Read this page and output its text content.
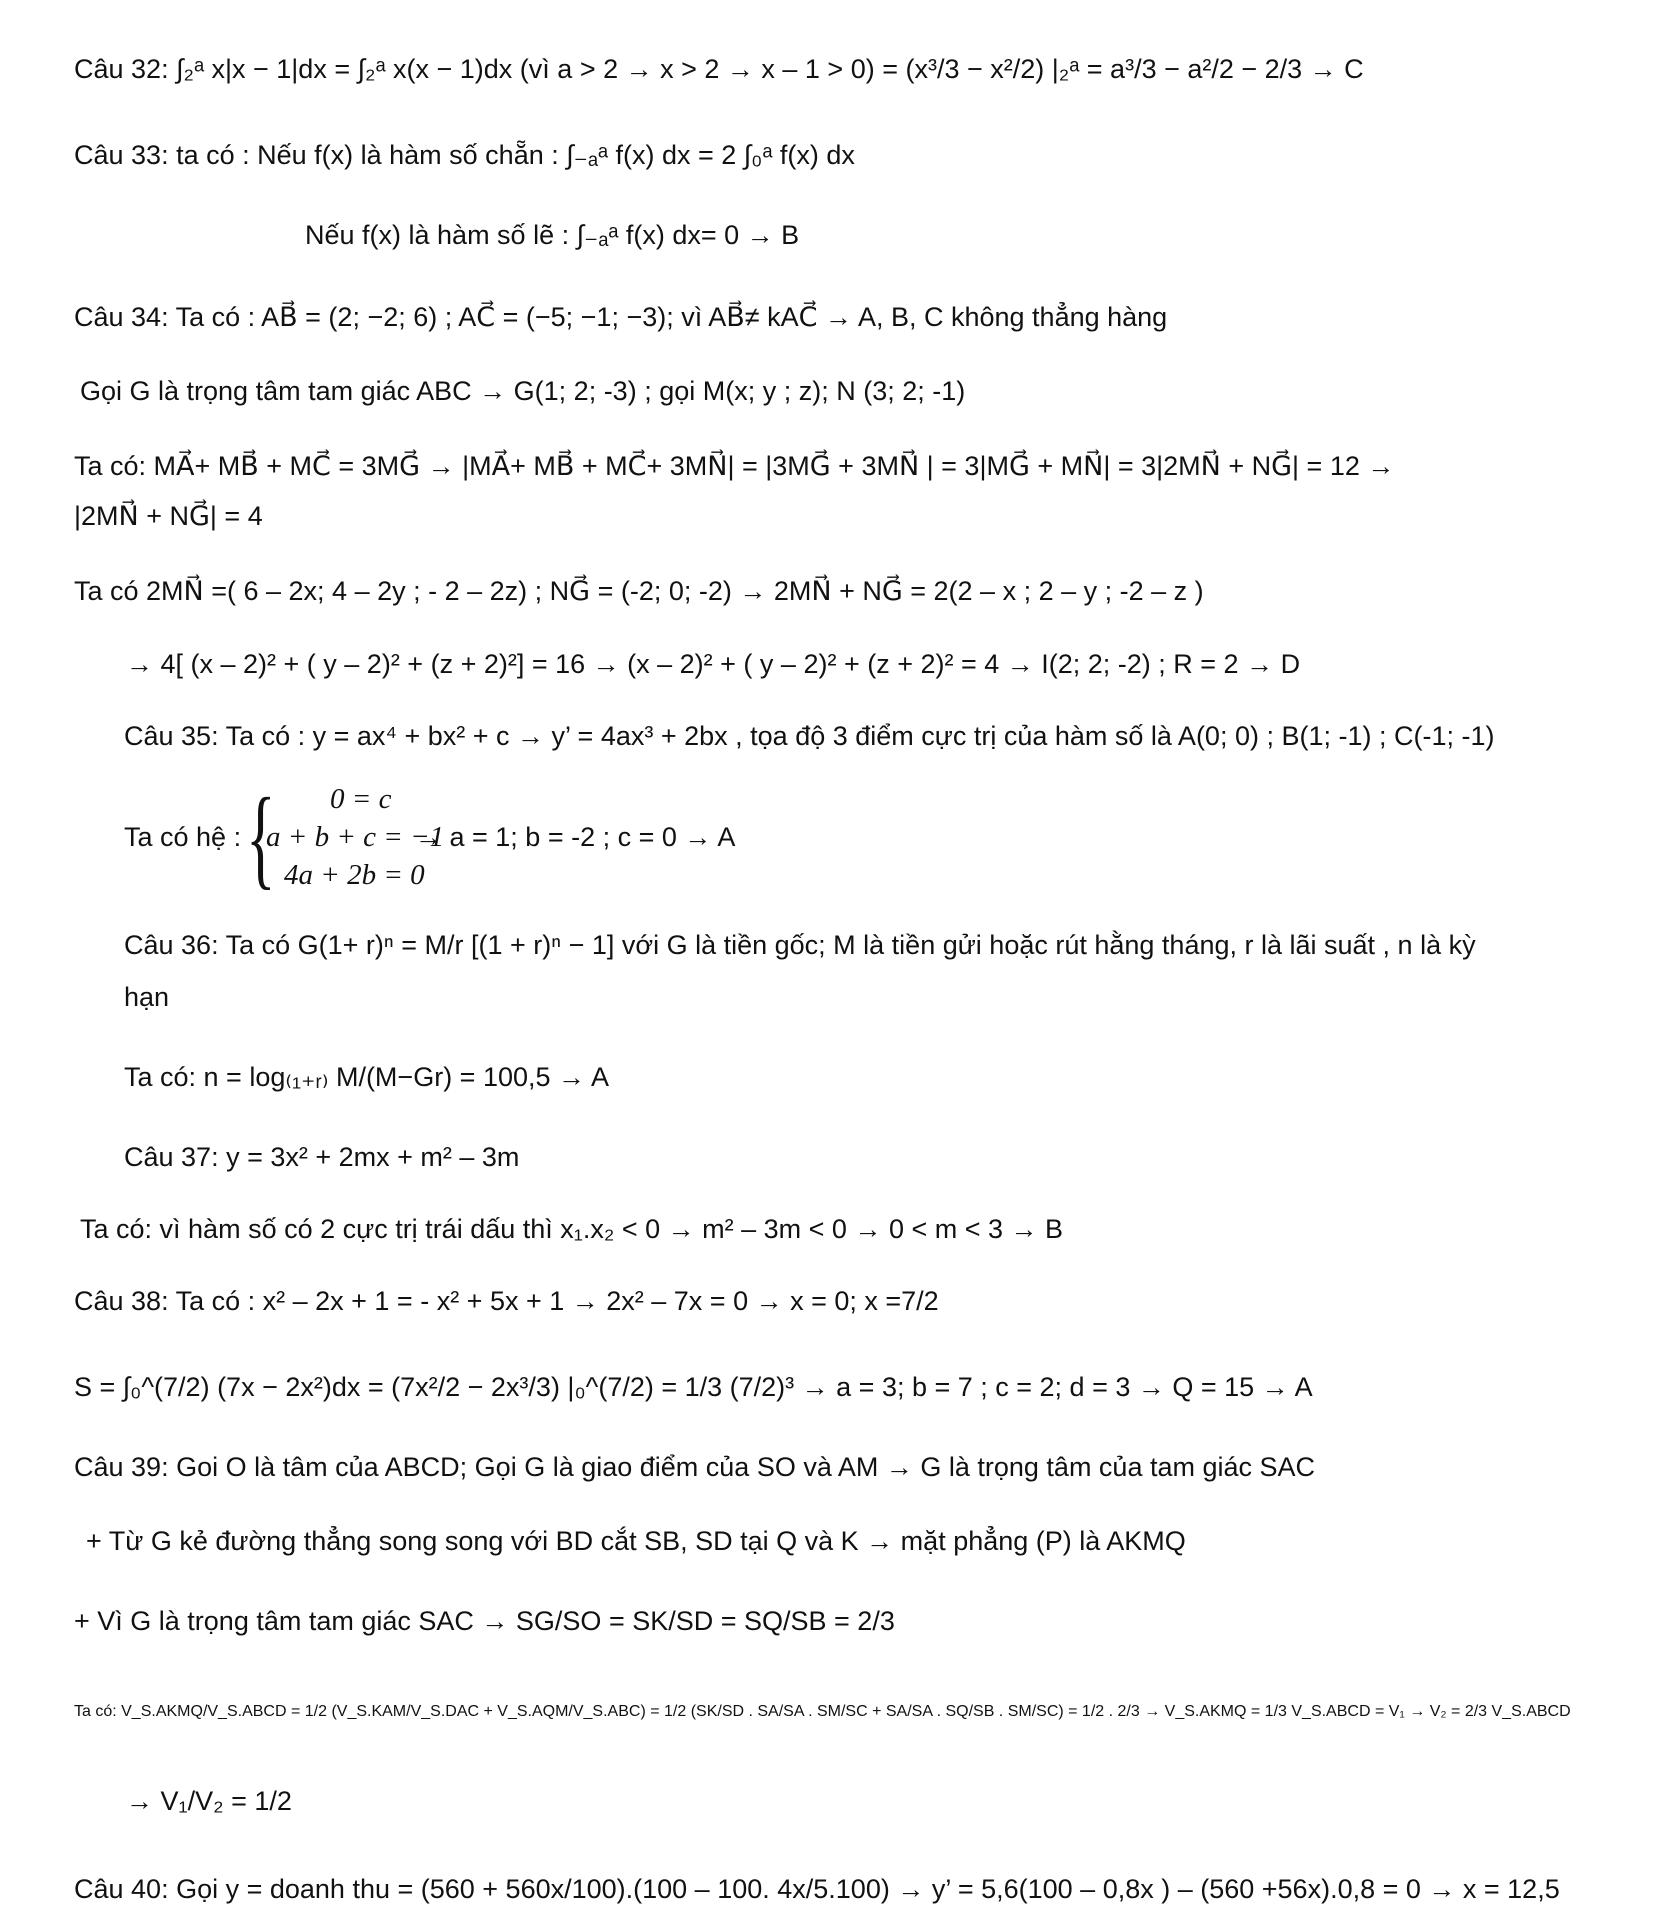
Câu 32: ∫₂ᵃ x|x − 1|dx = ∫₂ᵃ x(x − 1)dx (vì a > 2 → x > 2 → x – 1 > 0) = (x³/3 − x²/2) |₂ᵃ = a³/3 − a²/2 − 2/3 → C
Câu 33: ta có : Nếu f(x) là hàm số chẵn : ∫₋ₐᵃ f(x) dx = 2 ∫₀ᵃ f(x) dx
Nếu f(x) là hàm số lẽ : ∫₋ₐᵃ f(x) dx= 0 → B
Câu 34: Ta có : AB⃗ = (2; −2; 6) ; AC⃗ = (−5; −1; −3); vì AB⃗≠ kAC⃗ → A, B, C không thẳng hàng
Gọi G là trọng tâm tam giác ABC → G(1; 2; -3) ; gọi M(x; y ; z); N (3; 2; -1)
Ta có: MA⃗+ MB⃗ + MC⃗ = 3MG⃗ → |MA⃗+ MB⃗ + MC⃗+ 3MN⃗| = |3MG⃗ + 3MN⃗ | = 3|MG⃗ + MN⃗| = 3|2MN⃗ + NG⃗| = 12 →
|2MN⃗ + NG⃗| = 4
Ta có 2MN⃗ =( 6 – 2x; 4 – 2y ; - 2 – 2z) ; NG⃗ = (-2; 0; -2) → 2MN⃗ + NG⃗ = 2(2 – x ; 2 – y ; -2 – z )
→ 4[ (x – 2)² + ( y – 2)² + (z + 2)²] = 16 → (x – 2)² + ( y – 2)² + (z + 2)² = 4 → I(2; 2; -2) ; R = 2 → D
Câu 35: Ta có : y = ax⁴ + bx² + c → y’ = 4ax³ + 2bx , tọa độ 3 điểm cực trị của hàm số là A(0; 0) ; B(1; -1) ; C(-1; -1)
Ta có hệ : { 0 = c
a + b + c = −1
4a + 2b = 0
→ a = 1; b = -2 ; c = 0 → A
Câu 36: Ta có G(1+ r)ⁿ = M/r [(1 + r)ⁿ − 1] với G là tiền gốc; M là tiền gửi hoặc rút hằng tháng, r là lãi suất , n là kỳ
hạn
Ta có: n = log₍₁₊ᵣ₎ M/(M−Gr) = 100,5 → A
Câu 37: y = 3x² + 2mx + m² – 3m
Ta có: vì hàm số có 2 cực trị trái dấu thì x₁.x₂ < 0 → m² – 3m < 0 → 0 < m < 3 → B
Câu 38: Ta có : x² – 2x + 1 = - x² + 5x + 1 → 2x² – 7x = 0 → x = 0; x =7/2
S = ∫₀^(7/2) (7x − 2x²)dx = (7x²/2 − 2x³/3) |₀^(7/2) = 1/3 (7/2)³ → a = 3; b = 7 ; c = 2; d = 3 → Q = 15 → A
Câu 39: Goi O là tâm của ABCD; Gọi G là giao điểm của SO và AM → G là trọng tâm của tam giác SAC
+ Từ G kẻ đường thẳng song song với BD cắt SB, SD tại Q và K → mặt phẳng (P) là AKMQ
+ Vì G là trọng tâm tam giác SAC → SG/SO = SK/SD = SQ/SB = 2/3
Ta có: V_S.AKMQ/V_S.ABCD = 1/2 (V_S.KAM/V_S.DAC + V_S.AQM/V_S.ABC) = 1/2 (SK/SD . SA/SA . SM/SC + SA/SA . SQ/SB . SM/SC) = 1/2 . 2/3 → V_S.AKMQ = 1/3 V_S.ABCD = V₁ → V₂ = 2/3 V_S.ABCD
→ V₁/V₂ = 1/2
Câu 40: Gọi y = doanh thu = (560 + 560x/100).(100 – 100. 4x/5.100) → y’ = 5,6(100 – 0,8x ) – (560 +56x).0,8 = 0 → x = 12,5
